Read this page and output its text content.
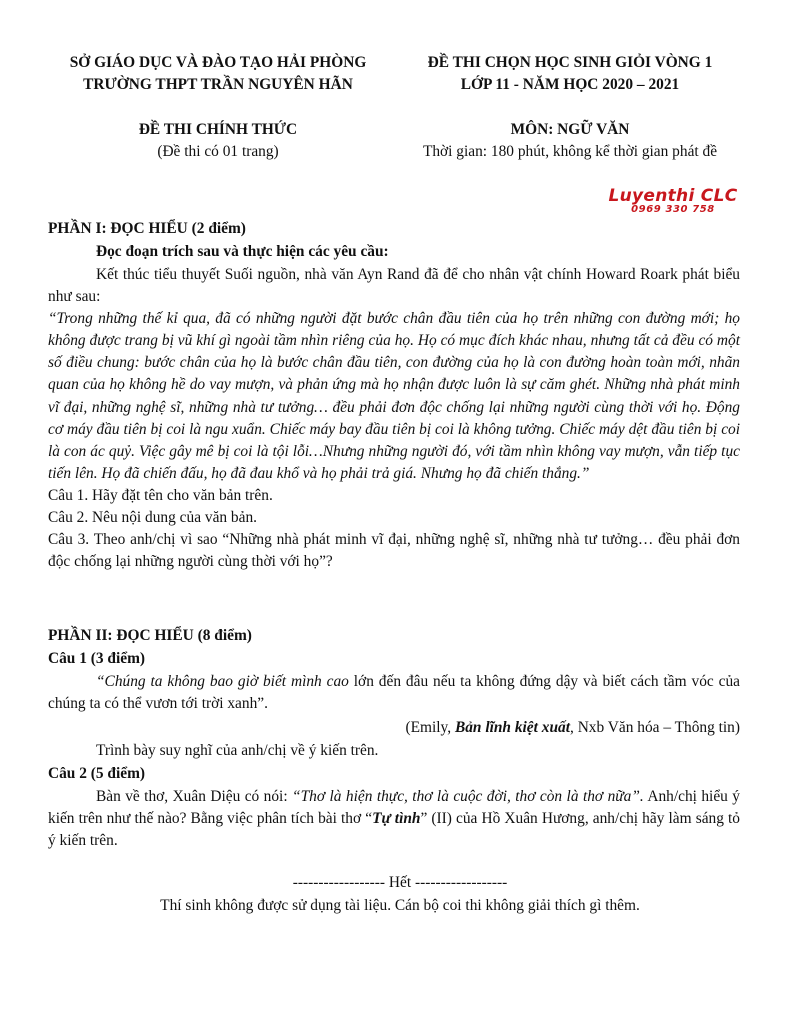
SỞ GIÁO DỤC VÀ ĐÀO TẠO HẢI PHÒNG
TRƯỜNG THPT TRẦN NGUYÊN HÃN
ĐỀ THI CHỌN HỌC SINH GIỎI VÒNG 1
LỚP 11 - NĂM HỌC 2020 – 2021
ĐỀ THI CHÍNH THỨC
(Đề thi có 01 trang)
MÔN: NGỮ VĂN
Thời gian: 180 phút, không kể thời gian phát đề
Luyenthi CLC
0969 330 758
PHẦN I: ĐỌC HIỂU (2 điểm)
Đọc đoạn trích sau và thực hiện các yêu cầu:
Kết thúc tiểu thuyết Suối nguồn, nhà văn Ayn Rand đã để cho nhân vật chính Howard Roark phát biểu như sau:
“Trong những thế kỉ qua, đã có những người đặt bước chân đầu tiên của họ trên những con đường mới; họ không được trang bị vũ khí gì ngoài tầm nhìn riêng của họ. Họ có mục đích khác nhau, nhưng tất cả đều có một số điều chung: bước chân của họ là bước chân đầu tiên, con đường của họ là con đường hoàn toàn mới, nhãn quan của họ không hề do vay mượn, và phản ứng mà họ nhận được luôn là sự căm ghét. Những nhà phát minh vĩ đại, những nghệ sĩ, những nhà tư tưởng… đều phải đơn độc chống lại những người cùng thời với họ. Động cơ máy đầu tiên bị coi là ngu xuẩn. Chiếc máy bay đầu tiên bị coi là không tưởng. Chiếc máy dệt đầu tiên bị coi là con ác quỷ. Việc gây mê bị coi là tội lỗi…Nhưng những người đó, với tầm nhìn không vay mượn, vẫn tiếp tục tiến lên. Họ đã chiến đấu, họ đã đau khổ và họ phải trả giá. Nhưng họ đã chiến thắng.”
Câu 1. Hãy đặt tên cho văn bản trên.
Câu 2. Nêu nội dung của văn bản.
Câu 3. Theo anh/chị vì sao “Những nhà phát minh vĩ đại, những nghệ sĩ, những nhà tư tưởng… đều phải đơn độc chống lại những người cùng thời với họ”?
PHẦN II: ĐỌC HIỂU (8 điểm)
Câu 1 (3 điểm)
“Chúng ta không bao giờ biết mình cao lớn đến đâu nếu ta không đứng dậy và biết cách tầm vóc của chúng ta có thể vươn tới trời xanh”.
(Emily, Bản lĩnh kiệt xuất, Nxb Văn hóa – Thông tin)
Trình bày suy nghĩ của anh/chị về ý kiến trên.
Câu 2 (5 điểm)
Bàn về thơ, Xuân Diệu có nói: “Thơ là hiện thực, thơ là cuộc đời, thơ còn là thơ nữa”. Anh/chị hiểu ý kiến trên như thế nào? Bằng việc phân tích bài thơ “Tự tình” (II) của Hồ Xuân Hương, anh/chị hãy làm sáng tỏ ý kiến trên.
------------------ Hết ------------------
Thí sinh không được sử dụng tài liệu. Cán bộ coi thi không giải thích gì thêm.
